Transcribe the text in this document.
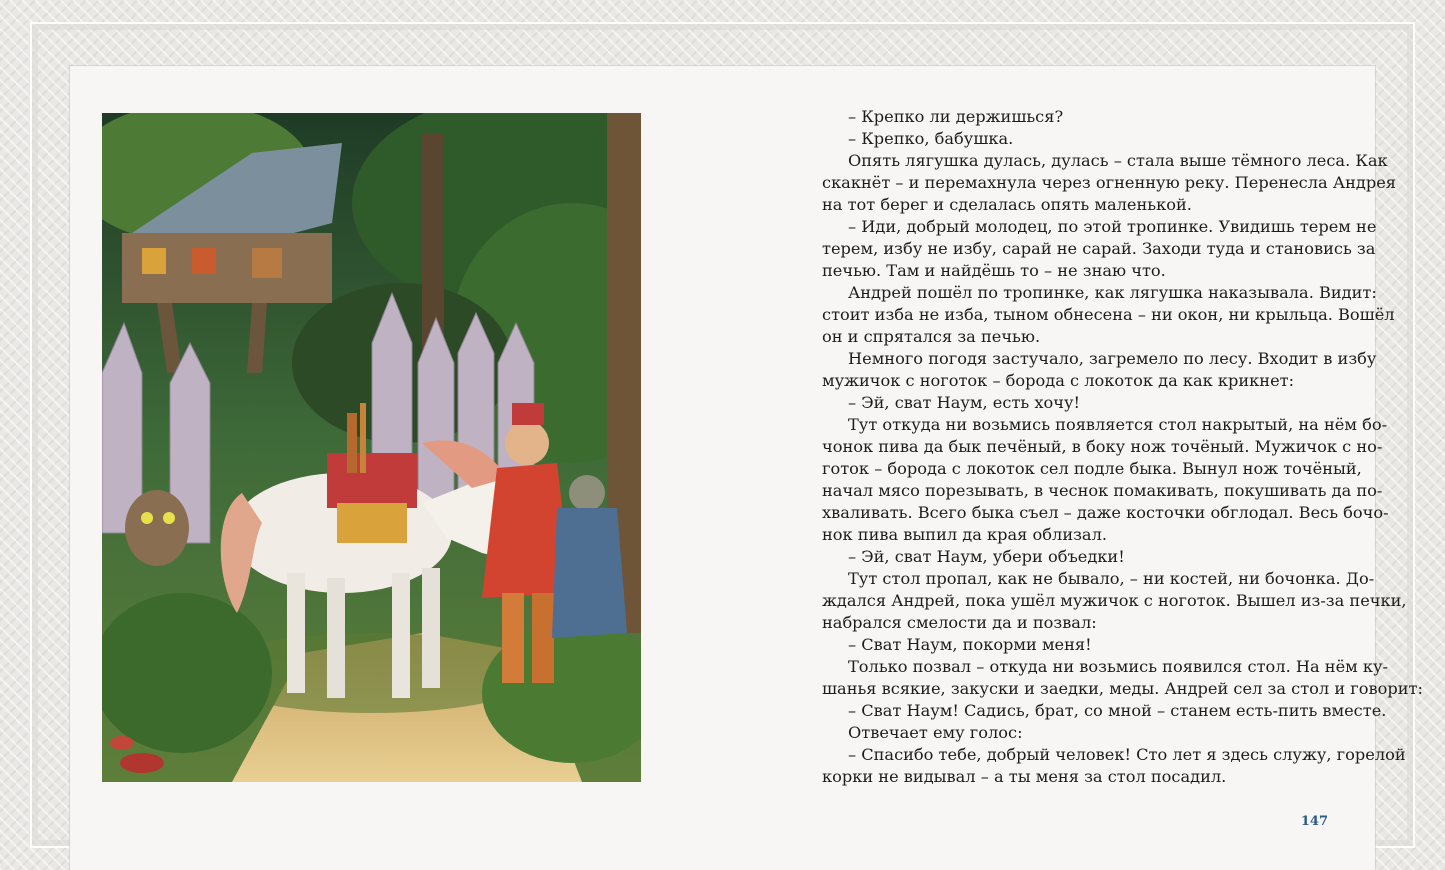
– Крепко ли держишься?
– Крепко, бабушка.
Опять лягушка дулась, дулась – стала выше тёмного леса. Как
скакнёт – и перемахнула через огненную реку. Перенесла Андрея
на тот берег и сделалась опять маленькой.
– Иди, добрый молодец, по этой тропинке. Увидишь терем не
терем, избу не избу, сарай не сарай. Заходи туда и становись за
печью. Там и найдёшь то – не знаю что.
Андрей пошёл по тропинке, как лягушка наказывала. Видит:
стоит изба не изба, тыном обнесена – ни окон, ни крыльца. Вошёл
он и спрятался за печью.
Немного погодя застучало, загремело по лесу. Входит в избу
мужичок с ноготок – борода с локоток да как крикнет:
– Эй, сват Наум, есть хочу!
Тут откуда ни возьмись появляется стол накрытый, на нём бо-
чонок пива да бык печёный, в боку нож точёный. Мужичок с но-
готок – борода с локоток сел подле быка. Вынул нож точёный,
начал мясо порезывать, в чеснок помакивать, покушивать да по-
хваливать. Всего быка съел – даже косточки обглодал. Весь бочо-
нок пива выпил да края облизал.
– Эй, сват Наум, убери объедки!
Тут стол пропал, как не бывало, – ни костей, ни бочонка. До-
ждался Андрей, пока ушёл мужичок с ноготок. Вышел из-за печки,
набрался смелости да и позвал:
– Сват Наум, покорми меня!
Только позвал – откуда ни возьмись появился стол. На нём ку-
шанья всякие, закуски и заедки, меды. Андрей сел за стол и говорит:
– Сват Наум! Садись, брат, со мной – станем есть-пить вместе.
Отвечает ему голос:
– Спасибо тебе, добрый человек! Сто лет я здесь служу, горелой
корки не видывал – а ты меня за стол посадил.
147
